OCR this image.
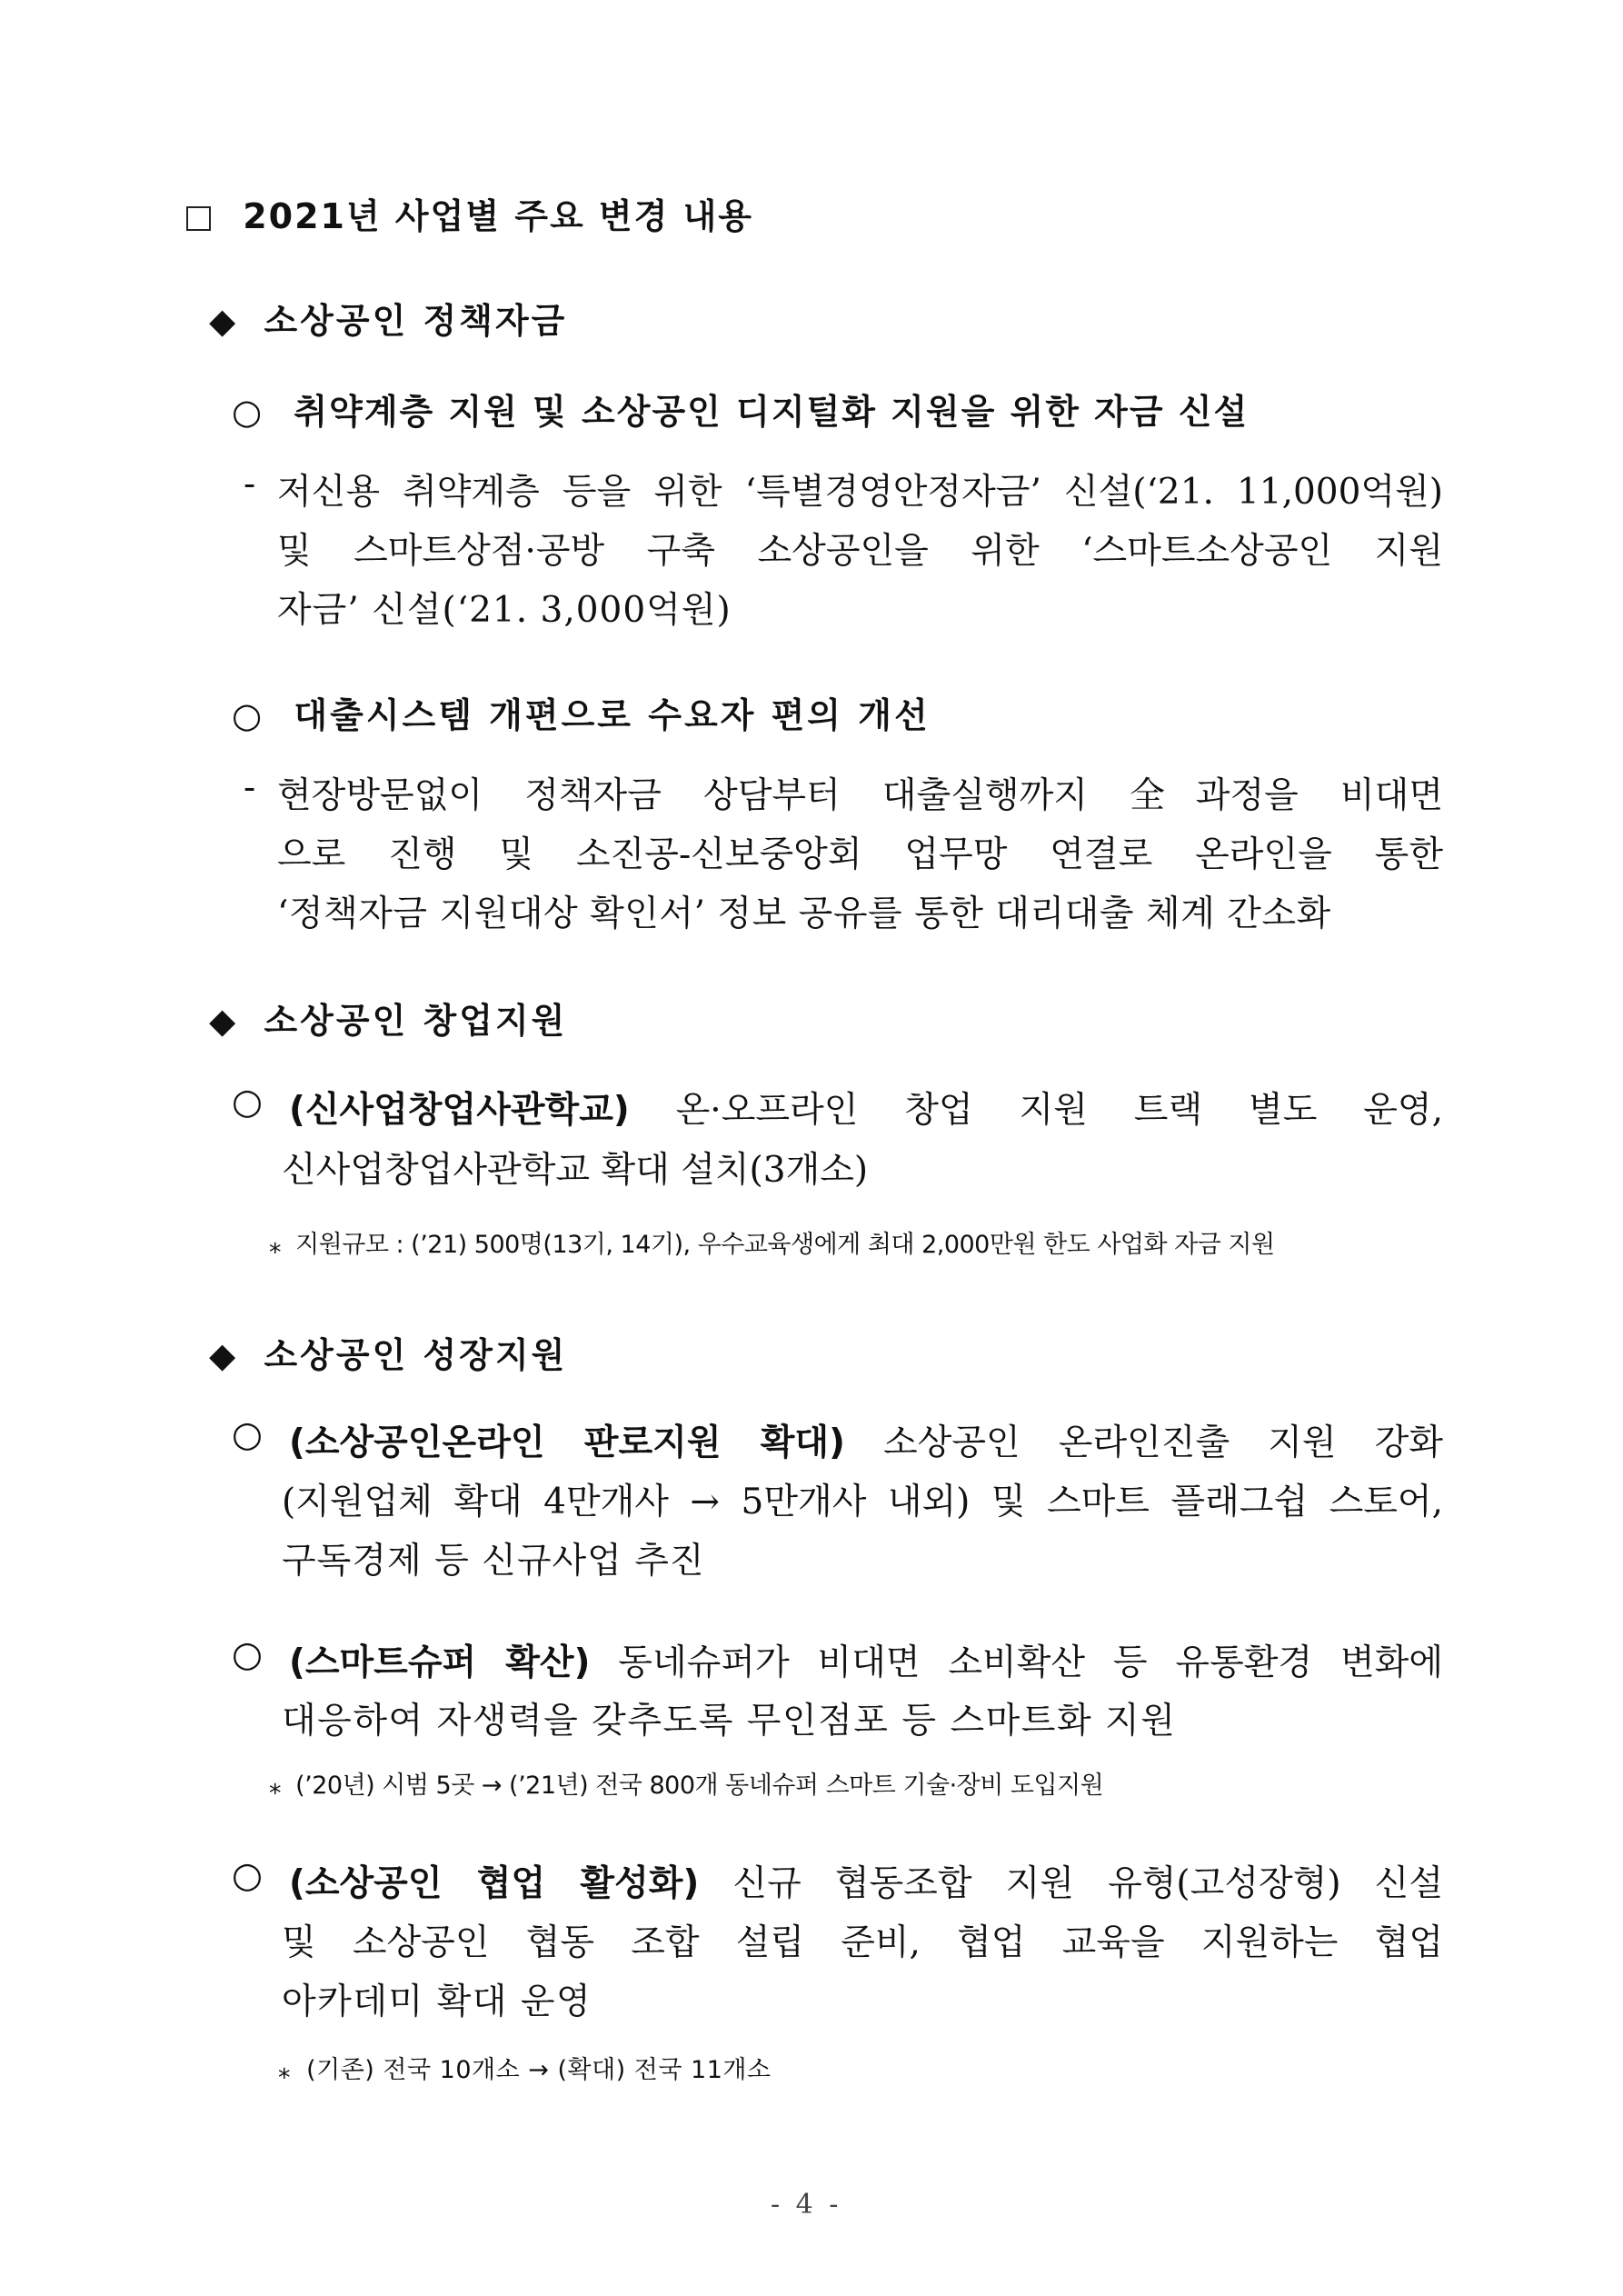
2021년 사업별 주요 변경 내용
◆ 소상공인 정책자금
○ 취약계층 지원 및 소상공인 디지털화 지원을 위한 자금 신설
- 저신용 취약계층 등을 위한 ‘특별경영안정자금’ 신설(‘21. 11,000억원)
및 스마트상점·공방 구축 소상공인을 위한 ‘스마트소상공인 지원
자금’ 신설(‘21. 3,000억원)
○ 대출시스템 개편으로 수요자 편의 개선
- 현장방문없이 정책자금 상담부터 대출실행까지 全과정을 비대면
으로 진행 및 소진공-신보중앙회 업무망 연결로 온라인을 통한
‘정책자금 지원대상 확인서’ 정보 공유를 통한 대리대출 체계 간소화
◆ 소상공인 창업지원
○ (신사업창업사관학교) 온·오프라인 창업 지원 트랙 별도 운영,
신사업창업사관학교 확대 설치(3개소)
⁎ 지원규모 : (’21) 500명(13기, 14기), 우수교육생에게 최대 2,000만원 한도 사업화 자금 지원
◆ 소상공인 성장지원
○ (소상공인온라인 판로지원 확대) 소상공인 온라인진출 지원 강화
(지원업체 확대 4만개사 → 5만개사 내외) 및 스마트 플래그쉽 스토어,
구독경제 등 신규사업 추진
○ (스마트슈퍼 확산) 동네슈퍼가 비대면 소비확산 등 유통환경 변화에
대응하여 자생력을 갖추도록 무인점포 등 스마트화 지원
⁎ (’20년) 시범 5곳 → (’21년) 전국 800개 동네슈퍼 스마트 기술·장비 도입지원
○ (소상공인 협업 활성화) 신규 협동조합 지원 유형(고성장형) 신설
및 소상공인 협동 조합 설립 준비, 협업 교육을 지원하는 협업
아카데미 확대 운영
⁎ (기존) 전국 10개소 → (확대) 전국 11개소
- 4 -
